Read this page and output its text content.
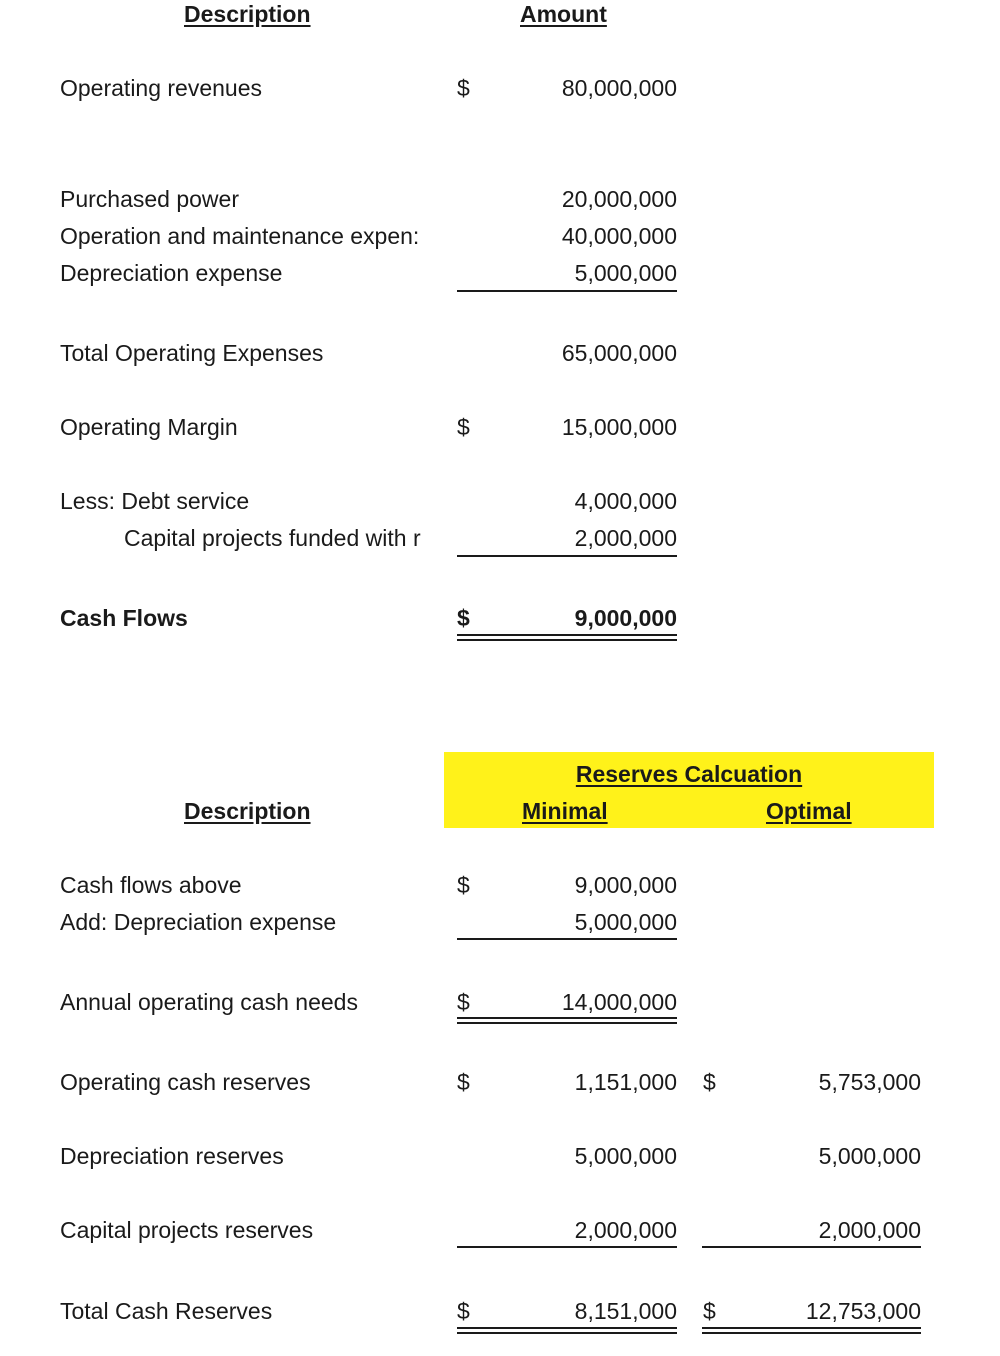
Description	Amount
Operating revenues	$	80,000,000
Purchased power	20,000,000
Operation and maintenance expen:	40,000,000
Depreciation expense	5,000,000
Total Operating Expenses	65,000,000
Operating Margin	$	15,000,000
Less: Debt service	4,000,000
Capital projects funded with r	2,000,000
Cash Flows	$	9,000,000
Reserves Calcuation
Minimal	Optimal
Description
Cash flows above	$	9,000,000
Add: Depreciation expense	5,000,000
Annual operating cash needs	$	14,000,000
Operating cash reserves	$	1,151,000 $	5,753,000
Depreciation reserves	5,000,000	5,000,000
Capital projects reserves	2,000,000	2,000,000
Total Cash Reserves	$	8,151,000 $	12,753,000
